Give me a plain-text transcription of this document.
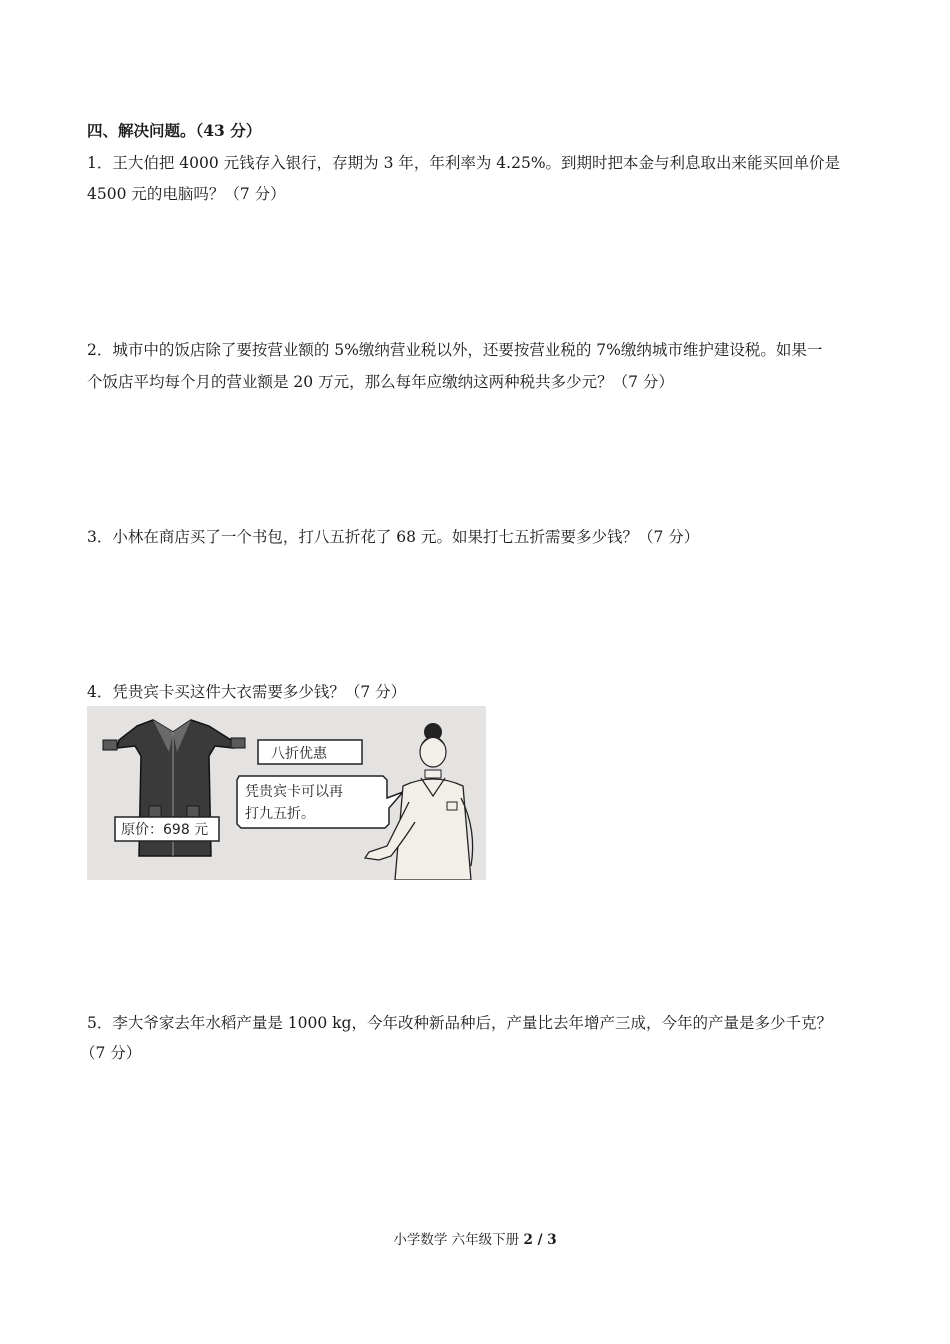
四、解决问题。（43 分）
1．王大伯把 4000 元钱存入银行，存期为 3 年，年利率为 4.25%。到期时把本金与利息取出来能买回单价是
4500 元的电脑吗？（7 分）
2．城市中的饭店除了要按营业额的 5%缴纳营业税以外，还要按营业税的 7%缴纳城市维护建设税。如果一
个饭店平均每个月的营业额是 20 万元，那么每年应缴纳这两种税共多少元？（7 分）
3．小林在商店买了一个书包，打八五折花了 68 元。如果打七五折需要多少钱？（7 分）
4．凭贵宾卡买这件大衣需要多少钱？（7 分）
原价：698 元
八折优惠
凭贵宾卡可以再
打九五折。
5．李大爷家去年水稻产量是 1000 kg，今年改种新品种后，产量比去年增产三成，今年的产量是多少千克？
（7 分）
小学数学 六年级下册 2 / 3
